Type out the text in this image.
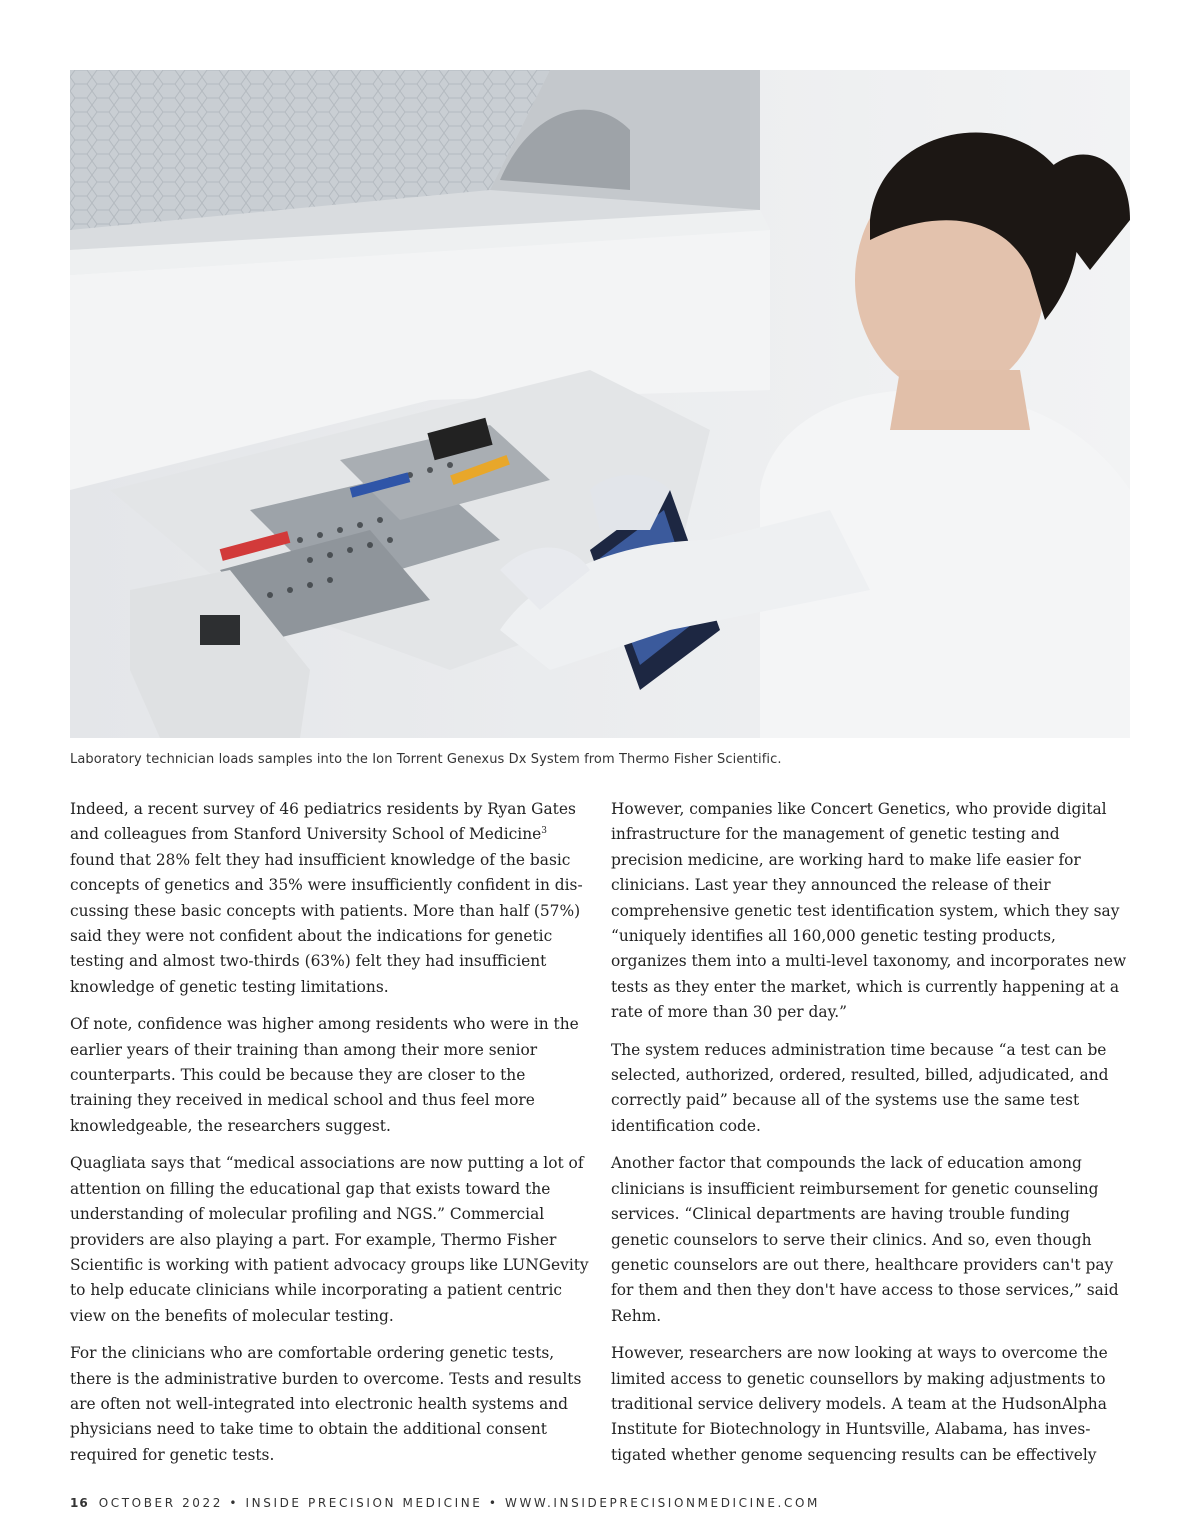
Laboratory technician loads samples into the Ion Torrent Genexus Dx System from Thermo Fisher Scientific.

Indeed, a recent survey of 46 pediatrics residents by Ryan Gates and colleagues from Stanford University School of Medicine$^3$ found that 28% felt they had insufficient knowledge of the basic concepts of genetics and 35% were insufficiently confident in discussing these basic concepts with patients. More than half (57%) said they were not confident about the indications for genetic testing and almost two-thirds (63%) felt they had insufficient knowledge of genetic testing limitations.

Of note, confidence was higher among residents who were in the earlier years of their training than among their more senior counterparts. This could be because they are closer to the training they received in medical school and thus feel more knowledgeable, the researchers suggest.

Quagliata says that “medical associations are now putting a lot of attention on filling the educational gap that exists toward the understanding of molecular profiling and NGS.” Commercial providers are also playing a part. For example, Thermo Fisher Scientific is working with patient advocacy groups like LUNGevity to help educate clinicians while incorporating a patient centric view on the benefits of molecular testing.

For the clinicians who are comfortable ordering genetic tests, there is the administrative burden to overcome. Tests and results are often not well-integrated into electronic health systems and physicians need to take time to obtain the additional consent required for genetic tests.

However, companies like Concert Genetics, who provide digital infrastructure for the management of genetic testing and precision medicine, are working hard to make life easier for clinicians. Last year they announced the release of their comprehensive genetic test identification system, which they say “uniquely identifies all 160,000 genetic testing products, organizes them into a multi-level taxonomy, and incorporates new tests as they enter the market, which is currently happening at a rate of more than 30 per day.”

The system reduces administration time because “a test can be selected, authorized, ordered, resulted, billed, adjudicated, and correctly paid” because all of the systems use the same test identification code.

Another factor that compounds the lack of education among clinicians is insufficient reimbursement for genetic counseling services. “Clinical departments are having trouble funding genetic counselors to serve their clinics. And so, even though genetic counselors are out there, healthcare providers can't pay for them and then they don't have access to those services,” said Rehm.

However, researchers are now looking at ways to overcome the limited access to genetic counsellors by making adjustments to traditional service delivery models. A team at the HudsonAlpha Institute for Biotechnology in Huntsville, Alabama, has investigated whether genome sequencing results can be effectively

16 OCTOBER 2022 • INSIDE PRECISION MEDICINE • WWW.INSIDEPRECISIONMEDICINE.COM
